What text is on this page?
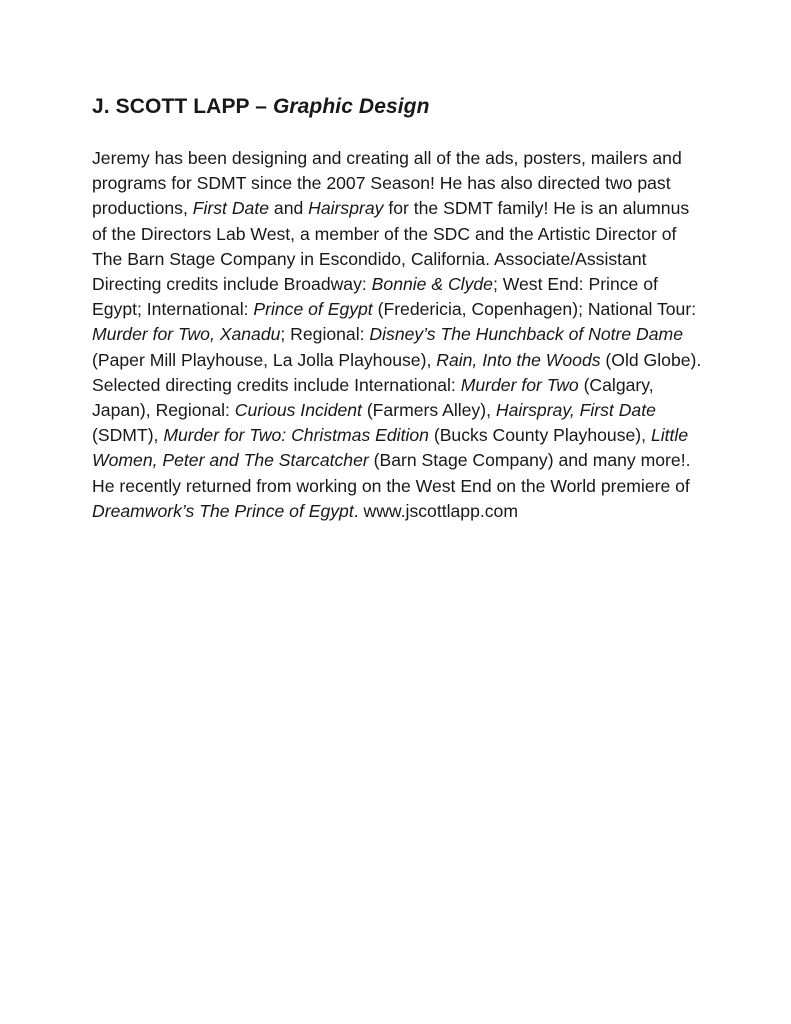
J. SCOTT LAPP – Graphic Design

Jeremy has been designing and creating all of the ads, posters, mailers and programs for SDMT since the 2007 Season! He has also directed two past productions, First Date and Hairspray for the SDMT family! He is an alumnus of the Directors Lab West, a member of the SDC and the Artistic Director of The Barn Stage Company in Escondido, California. Associate/Assistant Directing credits include Broadway: Bonnie & Clyde; West End: Prince of Egypt; International: Prince of Egypt (Fredericia, Copenhagen); National Tour: Murder for Two, Xanadu; Regional: Disney’s The Hunchback of Notre Dame (Paper Mill Playhouse, La Jolla Playhouse), Rain, Into the Woods (Old Globe). Selected directing credits include International: Murder for Two (Calgary, Japan), Regional: Curious Incident (Farmers Alley), Hairspray, First Date (SDMT), Murder for Two: Christmas Edition (Bucks County Playhouse), Little Women, Peter and The Starcatcher (Barn Stage Company) and many more!. He recently returned from working on the West End on the World premiere of Dreamwork’s The Prince of Egypt. www.jscottlapp.com
